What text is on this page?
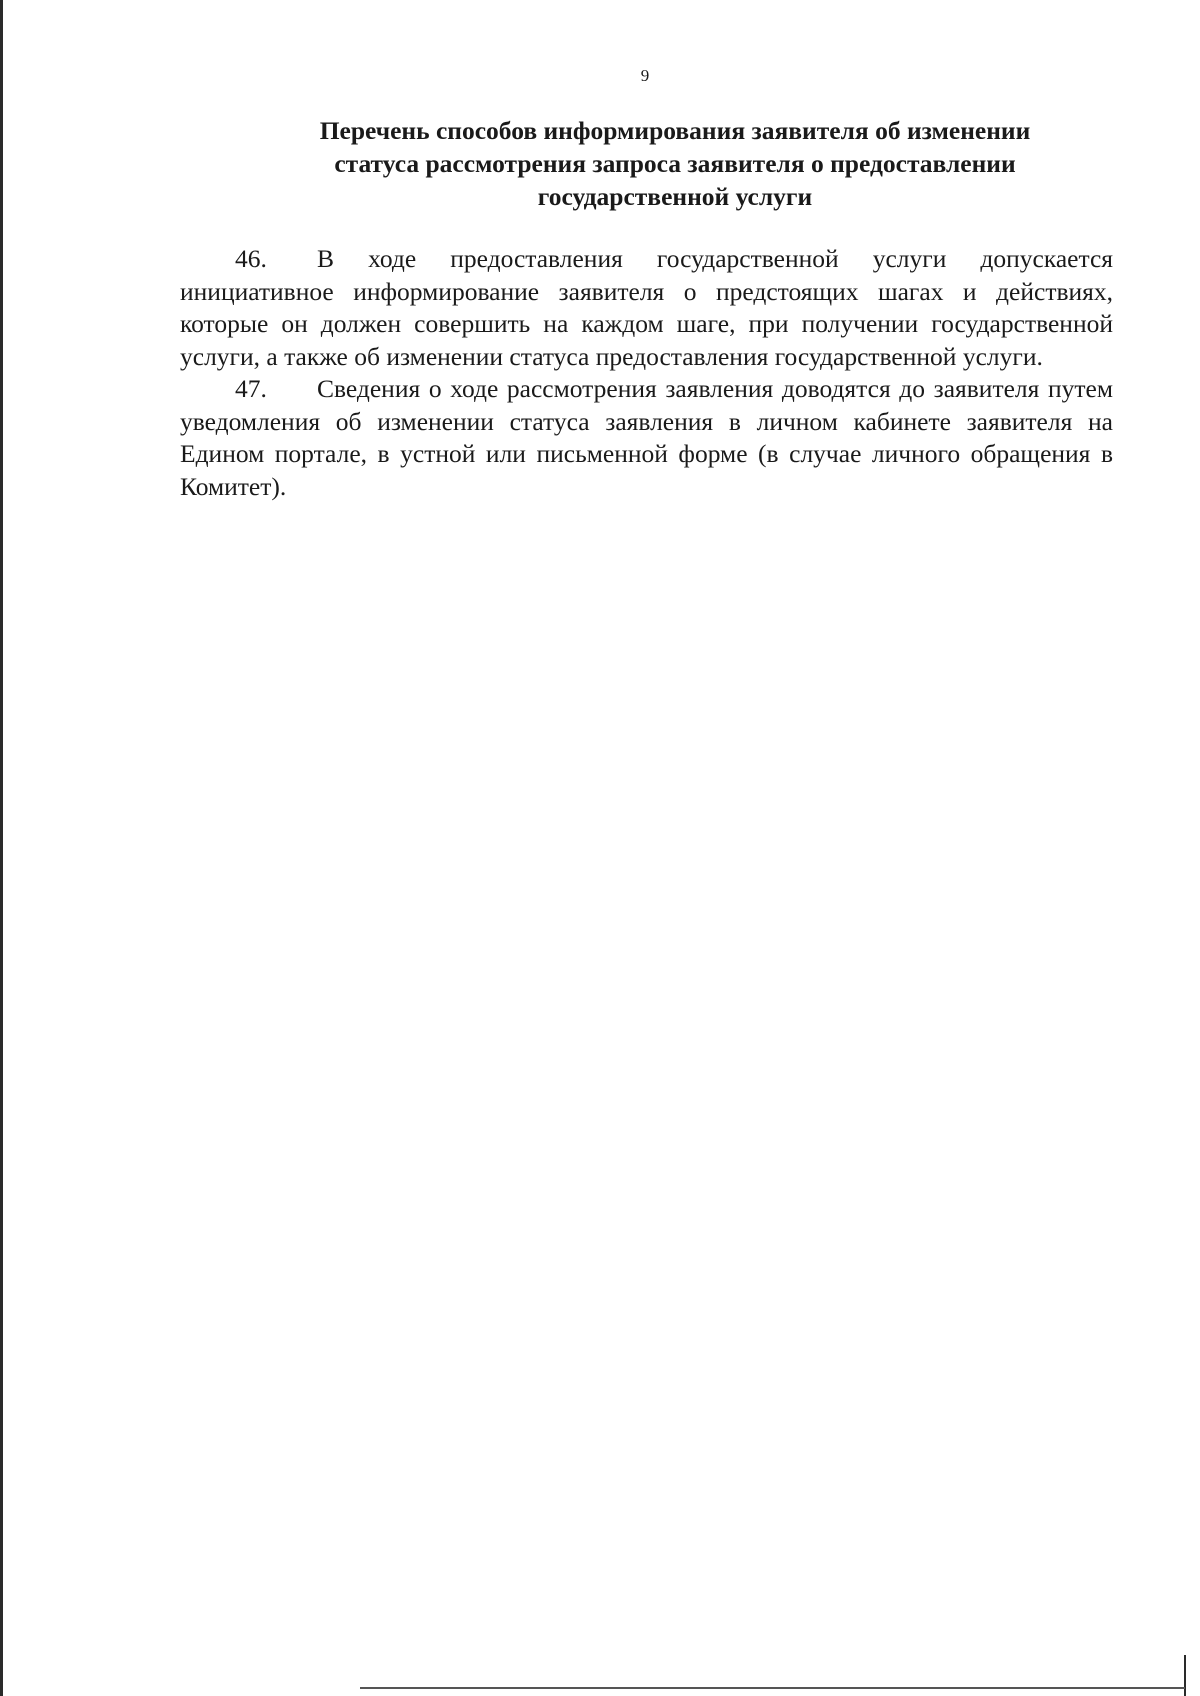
9
Перечень способов информирования заявителя об изменении
статуса рассмотрения запроса заявителя о предоставлении
государственной услуги

46. В ходе предоставления государственной услуги допускается инициативное информирование заявителя о предстоящих шагах и действиях, которые он должен совершить на каждом шаге, при получении государственной услуги, а также об изменении статуса предоставления государственной услуги.

47. Сведения о ходе рассмотрения заявления доводятся до заявителя путем уведомления об изменении статуса заявления в личном кабинете заявителя на Едином портале, в устной или письменной форме (в случае личного обращения в Комитет).
